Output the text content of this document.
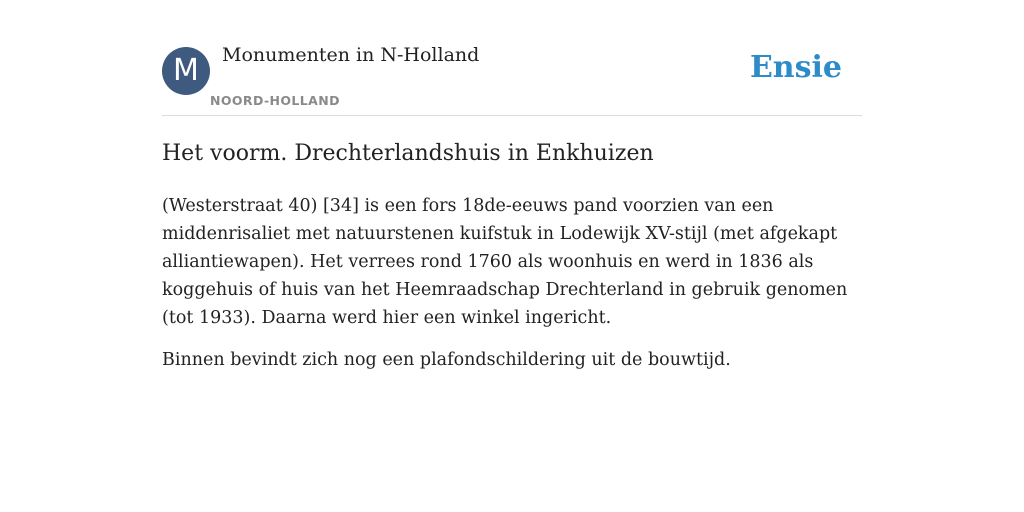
M	Monumenten in N-Holland
NOORD-HOLLAND
Ensie
Het voorm. Drechterlandshuis in Enkhuizen

(Westerstraat 40) [34] is een fors 18de-eeuws pand voorzien van een middenrisaliet met natuurstenen kuifstuk in Lodewijk XV-stijl (met afgekapt alliantiewapen). Het verrees rond 1760 als woonhuis en werd in 1836 als koggehuis of huis van het Heemraadschap Drechterland in gebruik genomen (tot 1933). Daarna werd hier een winkel ingericht.

Binnen bevindt zich nog een plafondschildering uit de bouwtijd.
